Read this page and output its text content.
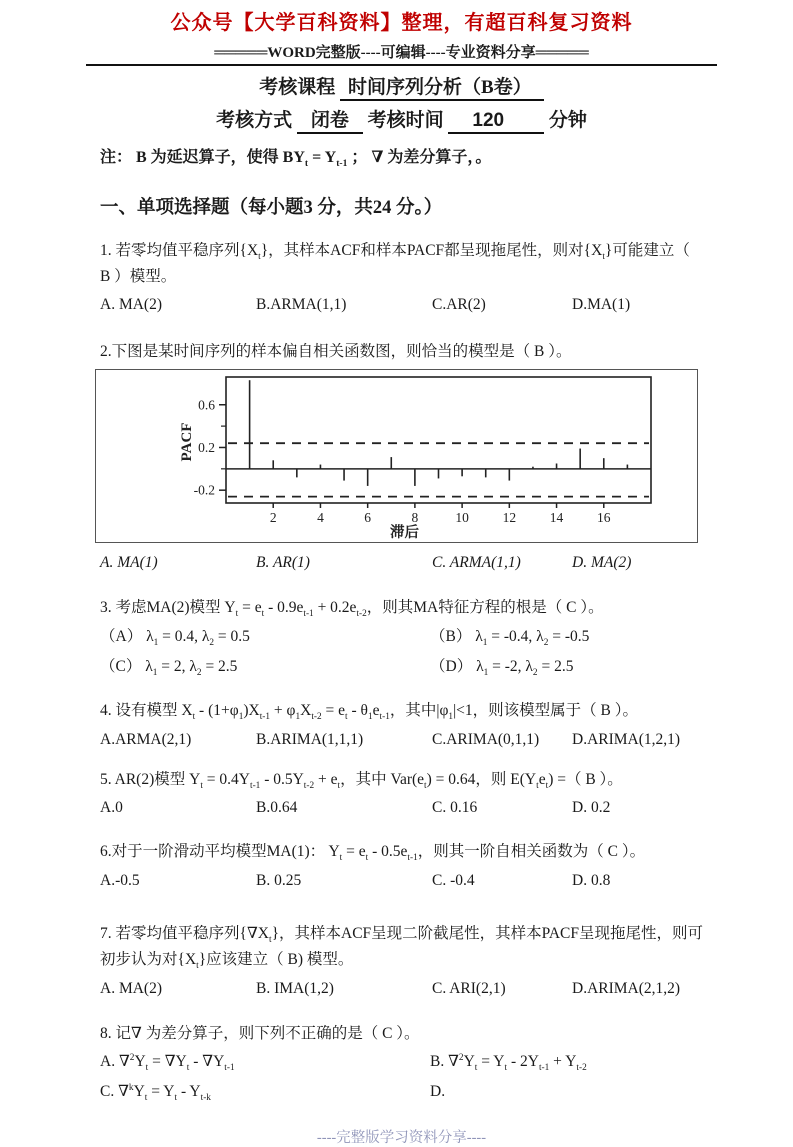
公众号【大学百科资料】整理，有超百科复习资料
═════WORD完整版----可编辑----专业资料分享═════
考核课程 时间序列分析（B卷）
考核方式 闭卷 考核时间 120 分钟
注： B 为延迟算子，使得 $BY_t = Y_{t-1}$ ； ∇ 为差分算子，。
一、单项选择题（每小题3 分，共24 分。）

1. 若零均值平稳序列$\{X_t\}$，其样本ACF和样本PACF都呈现拖尾性，则对$\{X_t\}$可能建立（ B ）模型。

A. MA(2)	B.ARMA(1,1)	C.AR(2)	D.MA(1)

2.下图是某时间序列的样本偏自相关函数图，则恰当的模型是（ B ）。

0.6
0.2
-0.2
2	4	6	8	10 12 14 16
滞后
PACF
A. MA(1)	B. AR(1)	C. ARMA(1,1)	D. MA(2)

3. 考虑MA(2)模型 $Y_t = e_t - 0.9e_{t-1} + 0.2e_{t-2}$，则其MA特征方程的根是（ C ）。

（A） $\lambda_1 = 0.4$, $\lambda_2 = 0.5$	（B） $\lambda_1 = -0.4$, $\lambda_2 = -0.5$
（C） $\lambda_1 = 2$, $\lambda_2 = 2.5$	（D） $\lambda_1 = -2$, $\lambda_2 = 2.5$

4. 设有模型 $X_t - (1+\varphi_1)X_{t-1} + \varphi_1X_{t-2} = e_t - \theta_1e_{t-1}$，其中$|\varphi_1|<1$，则该模型属于（ B ）。

A.ARMA(2,1)	B.ARIMA(1,1,1)	C.ARIMA(0,1,1)	D.ARIMA(1,2,1)

5. AR(2)模型 $Y_t = 0.4Y_{t-1} - 0.5Y_{t-2} + e_t$，其中 $Var(e_t) = 0.64$，则 $E(Y_te_t)$ =（ B ）。

A.0	B.0.64	C. 0.16	D. 0.2

6.对于一阶滑动平均模型MA(1)： $Y_t = e_t - 0.5e_{t-1}$，则其一阶自相关函数为（ C ）。

A.-0.5	B. 0.25	C. -0.4	D. 0.8

7. 若零均值平稳序列$\{\nabla X_t\}$，其样本ACF呈现二阶截尾性，其样本PACF呈现拖尾性，则可初步认为对$\{X_t\}$应该建立（ B) 模型。

A. MA(2)	B. IMA(1,2)	C. ARI(2,1)	D.ARIMA(2,1,2)

8. 记∇ 为差分算子，则下列不正确的是（ C ）。

A. $\nabla^2Y_t = \nabla Y_t - \nabla Y_{t-1}$	B. $\nabla^2Y_t = Y_t - 2Y_{t-1} + Y_{t-2}$
C. $\nabla^kY_t = Y_t - Y_{t-k}$	D.
----完整版学习资料分享----
